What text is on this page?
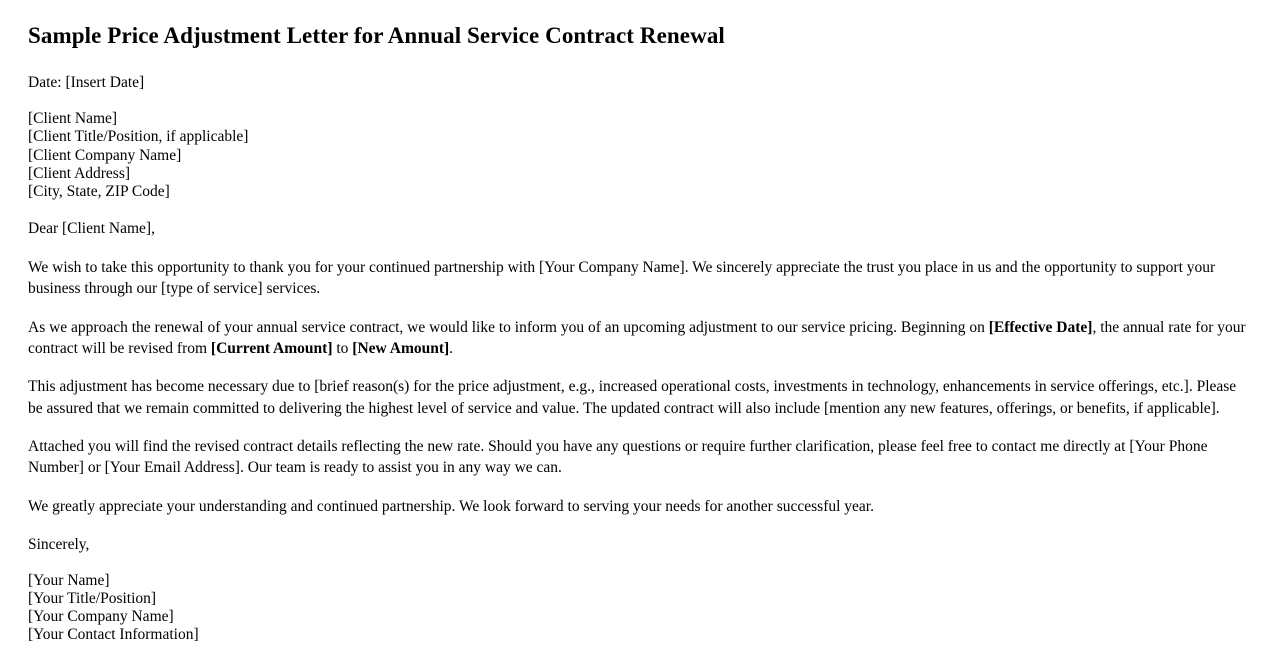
Sample Price Adjustment Letter for Annual Service Contract Renewal

Date: [Insert Date]

[Client Name]
[Client Title/Position, if applicable]
[Client Company Name]
[Client Address]
[City, State, ZIP Code]

Dear [Client Name],

We wish to take this opportunity to thank you for your continued partnership with [Your Company Name]. We sincerely appreciate the trust you place in us and the opportunity to support your business through our [type of service] services.

As we approach the renewal of your annual service contract, we would like to inform you of an upcoming adjustment to our service pricing. Beginning on [Effective Date], the annual rate for your contract will be revised from [Current Amount] to [New Amount].

This adjustment has become necessary due to [brief reason(s) for the price adjustment, e.g., increased operational costs, investments in technology, enhancements in service offerings, etc.]. Please be assured that we remain committed to delivering the highest level of service and value. The updated contract will also include [mention any new features, offerings, or benefits, if applicable].

Attached you will find the revised contract details reflecting the new rate. Should you have any questions or require further clarification, please feel free to contact me directly at [Your Phone Number] or [Your Email Address]. Our team is ready to assist you in any way we can.

We greatly appreciate your understanding and continued partnership. We look forward to serving your needs for another successful year.

Sincerely,

[Your Name]
[Your Title/Position]
[Your Company Name]
[Your Contact Information]
